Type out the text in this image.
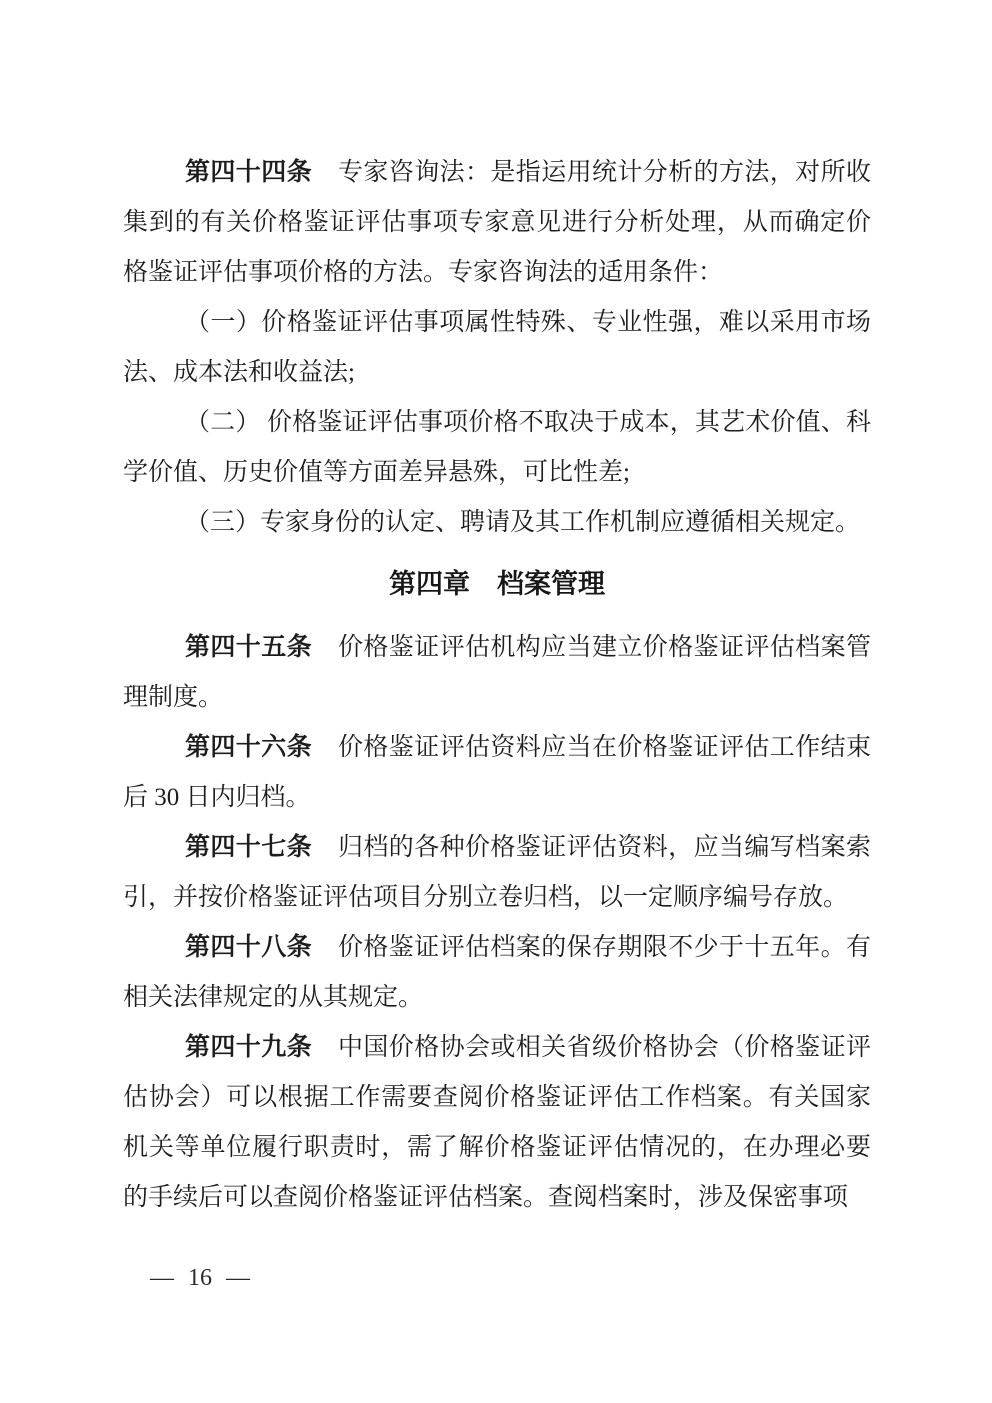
第四十四条 专家咨询法：是指运用统计分析的方法，对所收集到的有关价格鉴证评估事项专家意见进行分析处理，从而确定价格鉴证评估事项价格的方法。专家咨询法的适用条件：

（一）价格鉴证评估事项属性特殊、专业性强，难以采用市场法、成本法和收益法;

（二） 价格鉴证评估事项价格不取决于成本，其艺术价值、科学价值、历史价值等方面差异悬殊，可比性差;

（三）专家身份的认定、聘请及其工作机制应遵循相关规定。

第四章　档案管理

第四十五条 价格鉴证评估机构应当建立价格鉴证评估档案管理制度。

第四十六条 价格鉴证评估资料应当在价格鉴证评估工作结束后 30 日内归档。

第四十七条 归档的各种价格鉴证评估资料，应当编写档案索引，并按价格鉴证评估项目分别立卷归档，以一定顺序编号存放。

第四十八条 价格鉴证评估档案的保存期限不少于十五年。有相关法律规定的从其规定。

第四十九条 中国价格协会或相关省级价格协会（价格鉴证评估协会）可以根据工作需要查阅价格鉴证评估工作档案。有关国家机关等单位履行职责时，需了解价格鉴证评估情况的，在办理必要的手续后可以查阅价格鉴证评估档案。查阅档案时，涉及保密事项

— 16 —
